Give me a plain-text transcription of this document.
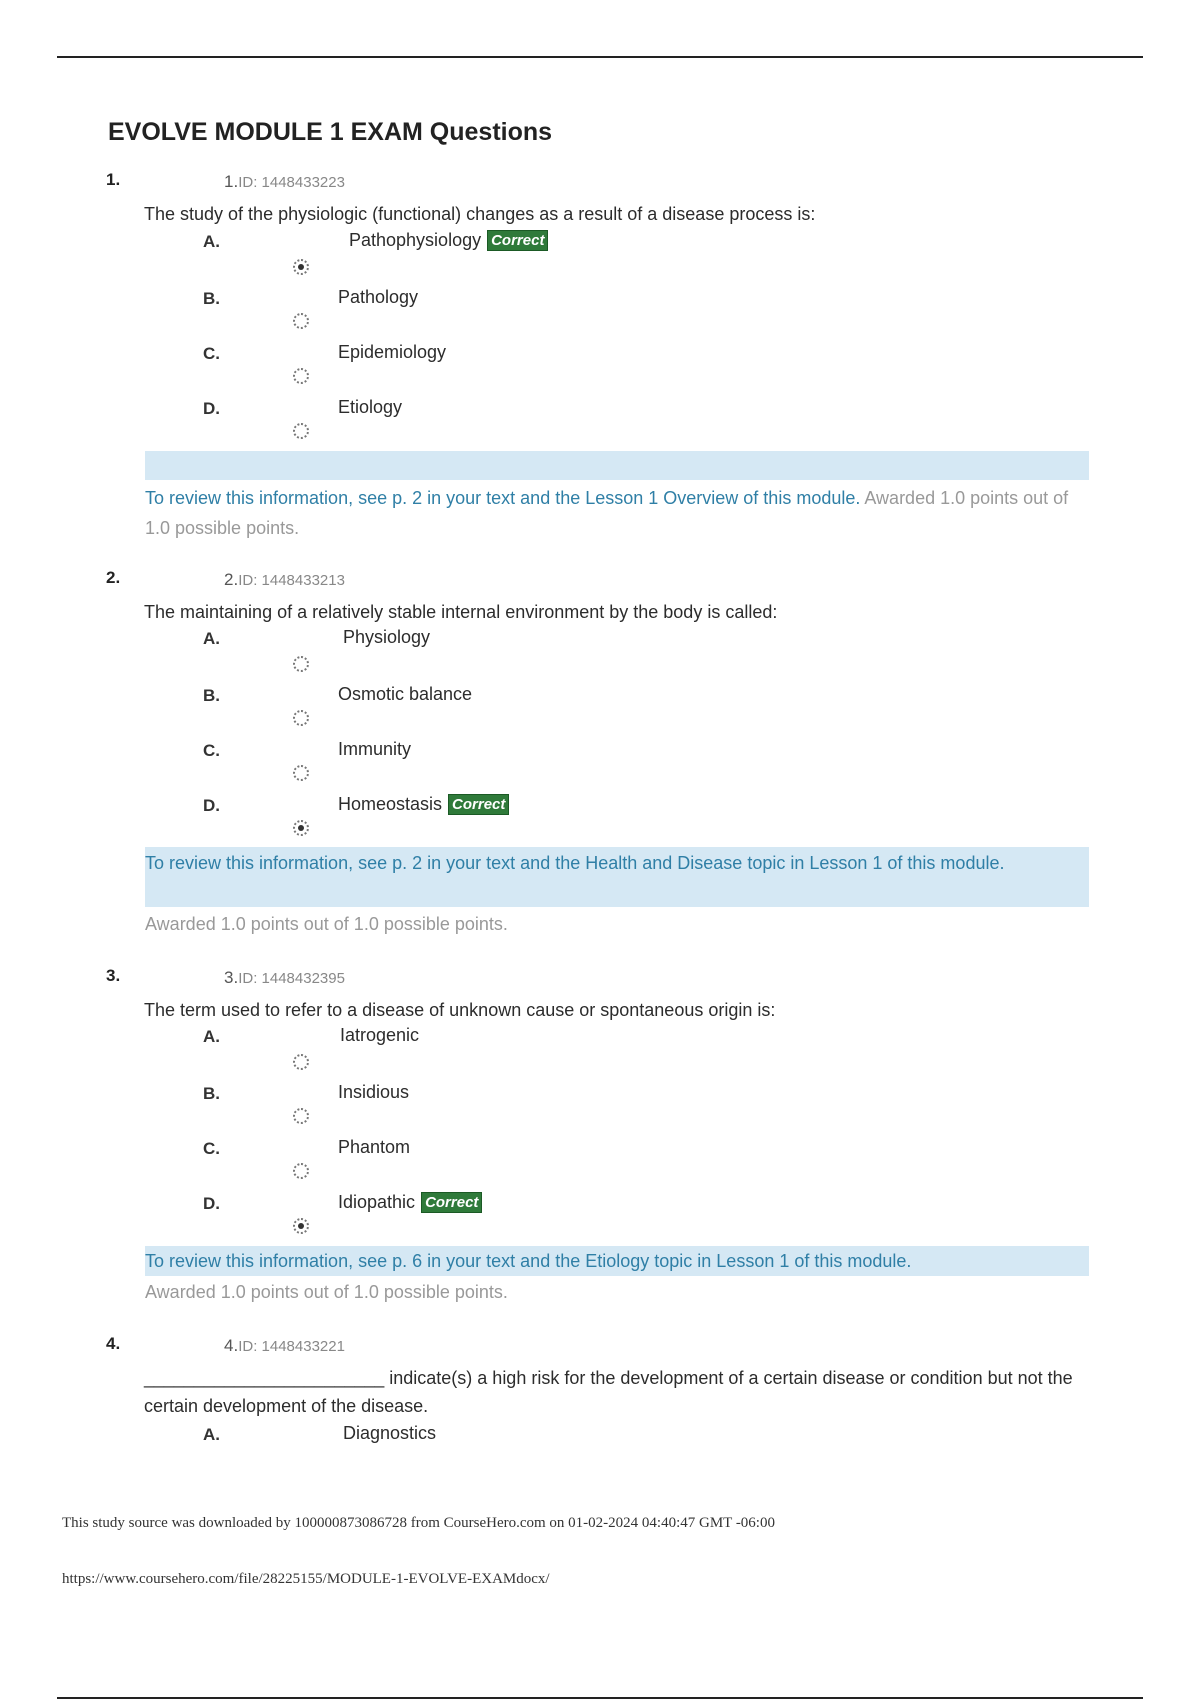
EVOLVE MODULE 1 EXAM Questions
1.	1.ID: 1448433223
The study of the physiologic (functional) changes as a result of a disease process is:
A.	Pathophysiology Correct
B.	Pathology
C.	Epidemiology
D.	Etiology
To review this information, see p. 2 in your text and the Lesson 1 Overview of this module. Awarded 1.0 points out of 1.0 possible points.
2.	2.ID: 1448433213
The maintaining of a relatively stable internal environment by the body is called:
A.	Physiology
B.	Osmotic balance
C.	Immunity
D.	Homeostasis Correct
To review this information, see p. 2 in your text and the Health and Disease topic in Lesson 1 of this module.
Awarded 1.0 points out of 1.0 possible points.
3.	3.ID: 1448432395
The term used to refer to a disease of unknown cause or spontaneous origin is:
A.	Iatrogenic
B.	Insidious
C.	Phantom
D.	Idiopathic Correct
To review this information, see p. 6 in your text and the Etiology topic in Lesson 1 of this module.
Awarded 1.0 points out of 1.0 possible points.
4.	4.ID: 1448433221
________________________ indicate(s) a high risk for the development of a certain disease or condition but not the certain development of the disease.
A.	Diagnostics
This study source was downloaded by 100000873086728 from CourseHero.com on 01-02-2024 04:40:47 GMT -06:00
https://www.coursehero.com/file/28225155/MODULE-1-EVOLVE-EXAMdocx/
